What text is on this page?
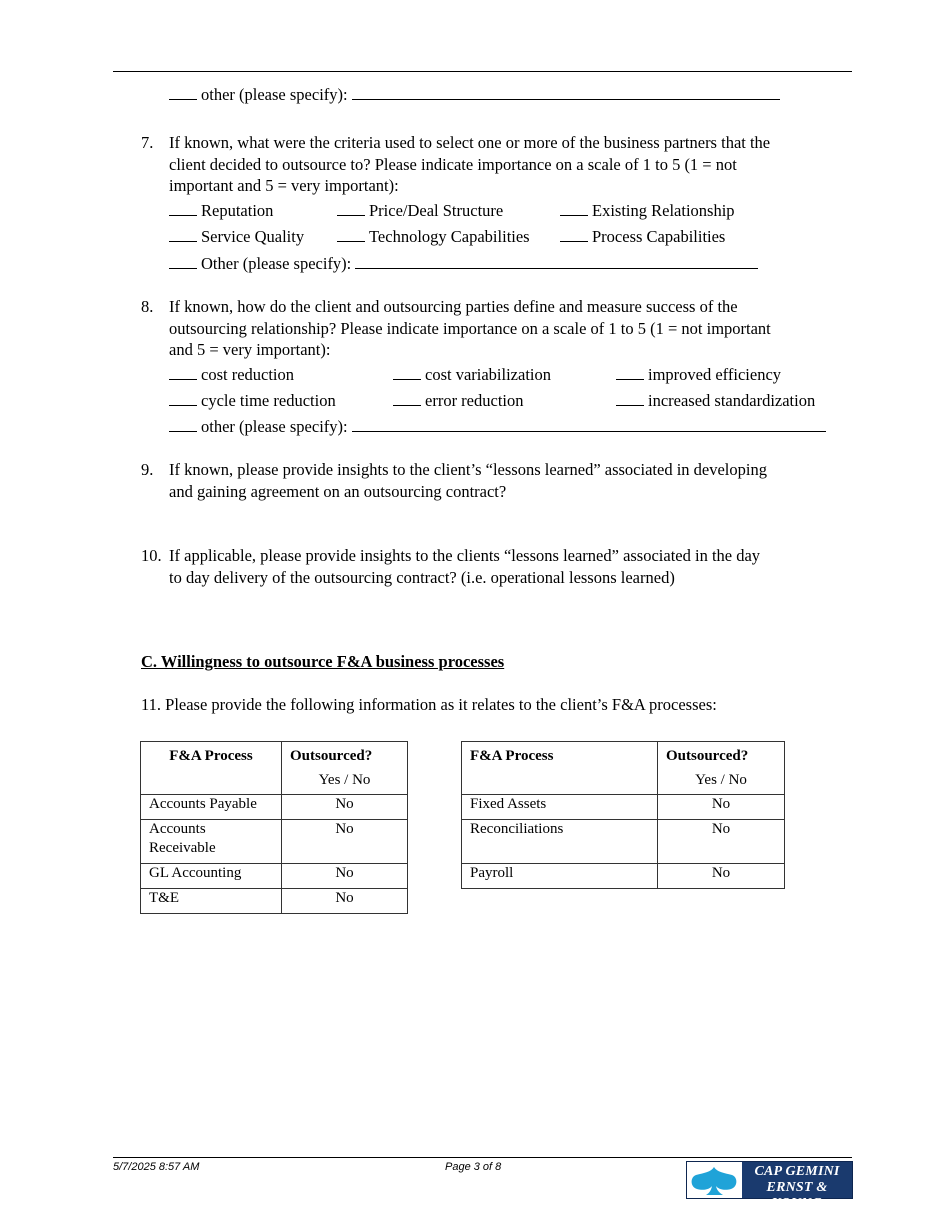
other (please specify):
7. If known, what were the criteria used to select one or more of the business partners that the
client decided to outsource to? Please indicate importance on a scale of 1 to 5 (1 = not
important and 5 = very important):
Reputation	Price/Deal Structure	Existing Relationship
Service Quality	Technology Capabilities	Process Capabilities
Other (please specify):
8. If known, how do the client and outsourcing parties define and measure success of the
outsourcing relationship? Please indicate importance on a scale of 1 to 5 (1 = not important
and 5 = very important):
cost reduction	cost variabilization	improved efficiency
cycle time reduction	error reduction	increased standardization
other (please specify):
9. If known, please provide insights to the client’s “lessons learned” associated in developing
and gaining agreement on an outsourcing contract?
10. If applicable, please provide insights to the clients “lessons learned” associated in the day
to day delivery of the outsourcing contract? (i.e. operational lessons learned)
C. Willingness to outsource F&A business processes
11. Please provide the following information as it relates to the client’s F&A processes:
F&A Process	Outsourced?
Yes / No

Accounts Payable	No

Accounts Receivable	No
GL Accounting	No
T&E	No
F&A Process	Outsourced?
Yes / No

Fixed Assets	No
Reconciliations	No
Payroll	No
5/7/2025 8:57 AM	Page 3 of 8	CAP GEMINI
ERNST & YOUNG
